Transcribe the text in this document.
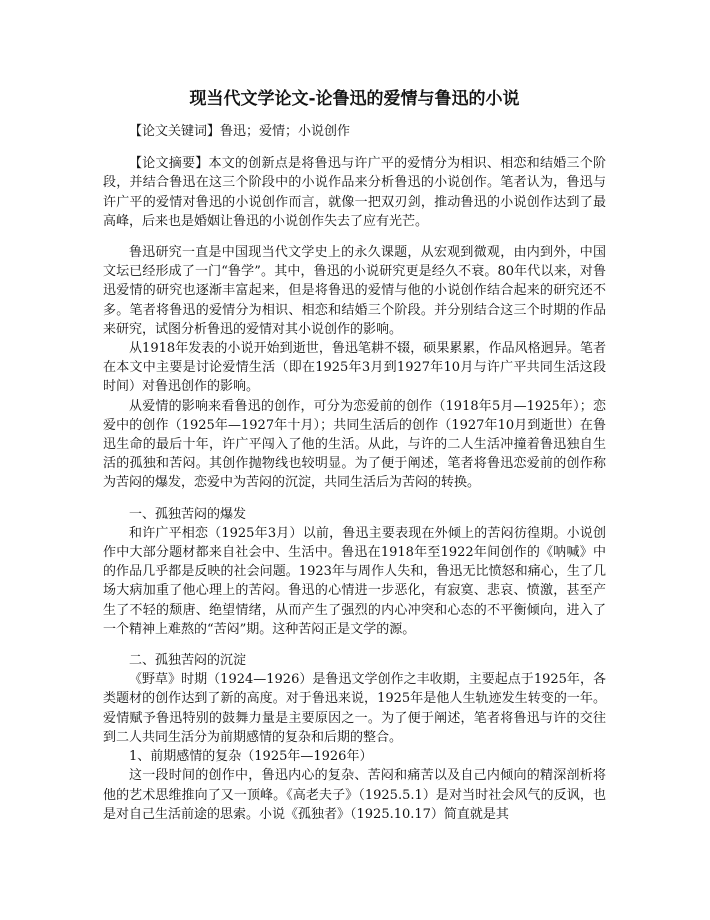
现当代文学论文-论鲁迅的爱情与鲁迅的小说

【论文关键词】鲁迅；爱情；小说创作

【论文摘要】本文的创新点是将鲁迅与许广平的爱情分为相识、相恋和结婚三个阶段，并结合鲁迅在这三个阶段中的小说作品来分析鲁迅的小说创作。笔者认为，鲁迅与许广平的爱情对鲁迅的小说创作而言，就像一把双刃剑，推动鲁迅的小说创作达到了最高峰，后来也是婚姻让鲁迅的小说创作失去了应有光芒。

鲁迅研究一直是中国现当代文学史上的永久课题，从宏观到微观，由内到外，中国文坛已经形成了一门“鲁学”。其中，鲁迅的小说研究更是经久不衰。80年代以来，对鲁迅爱情的研究也逐渐丰富起来，但是将鲁迅的爱情与他的小说创作结合起来的研究还不多。笔者将鲁迅的爱情分为相识、相恋和结婚三个阶段。并分别结合这三个时期的作品来研究，试图分析鲁迅的爱情对其小说创作的影响。

从1918年发表的小说开始到逝世，鲁迅笔耕不辍，硕果累累，作品风格迥异。笔者在本文中主要是讨论爱情生活（即在1925年3月到1927年10月与许广平共同生活这段时间）对鲁迅创作的影响。

从爱情的影响来看鲁迅的创作，可分为恋爱前的创作（1918年5月—1925年）；恋爱中的创作（1925年—1927年十月）；共同生活后的创作（1927年10月到逝世）在鲁迅生命的最后十年，许广平闯入了他的生活。从此，与许的二人生活冲撞着鲁迅独自生活的孤独和苦闷。其创作抛物线也较明显。为了便于阐述，笔者将鲁迅恋爱前的创作称为苦闷的爆发，恋爱中为苦闷的沉淀，共同生活后为苦闷的转换。

一、孤独苦闷的爆发

和许广平相恋（1925年3月）以前，鲁迅主要表现在外倾上的苦闷彷徨期。小说创作中大部分题材都来自社会中、生活中。鲁迅在1918年至1922年间创作的《呐喊》中的作品几乎都是反映的社会问题。1923年与周作人失和，鲁迅无比愤怒和痛心，生了几场大病加重了他心理上的苦闷。鲁迅的心情进一步恶化，有寂寞、悲哀、愤激，甚至产生了不轻的颓唐、绝望情绪，从而产生了强烈的内心冲突和心态的不平衡倾向，进入了一个精神上难熬的“苦闷”期。这种苦闷正是文学的源。

二、孤独苦闷的沉淀

《野草》时期（1924—1926）是鲁迅文学创作之丰收期，主要起点于1925年，各类题材的创作达到了新的高度。对于鲁迅来说，1925年是他人生轨迹发生转变的一年。爱情赋予鲁迅特别的鼓舞力量是主要原因之一。为了便于阐述，笔者将鲁迅与许的交往到二人共同生活分为前期感情的复杂和后期的整合。

1、前期感情的复杂（1925年—1926年）

这一段时间的创作中，鲁迅内心的复杂、苦闷和痛苦以及自己内倾向的精深剖析将他的艺术思维推向了又一顶峰。《高老夫子》（1925.5.1）是对当时社会风气的反讽，也是对自己生活前途的思索。小说《孤独者》（1925.10.17）简直就是其
